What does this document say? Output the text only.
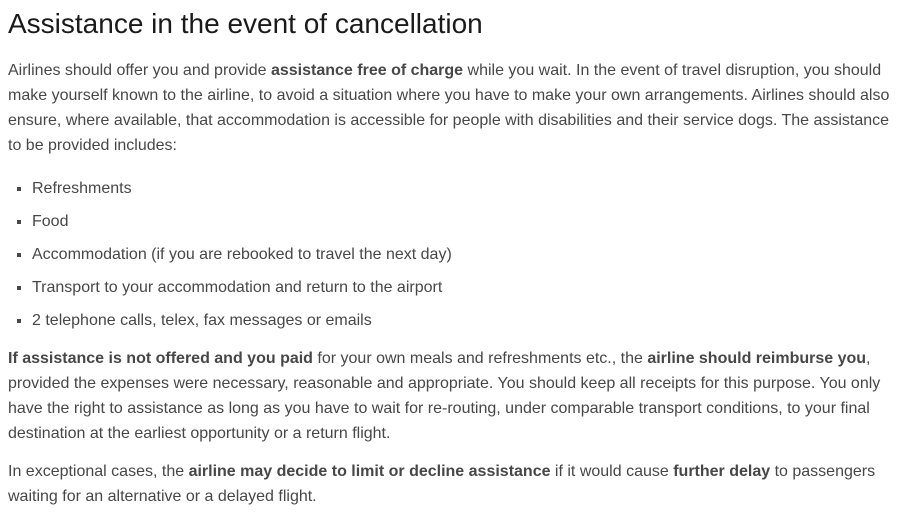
Assistance in the event of cancellation

Airlines should offer you and provide assistance free of charge while you wait. In the event of travel disruption, you should make yourself known to the airline, to avoid a situation where you have to make your own arrangements. Airlines should also ensure, where available, that accommodation is accessible for people with disabilities and their service dogs. The assistance to be provided includes:

▪ Refreshments
▪ Food
▪ Accommodation (if you are rebooked to travel the next day)
▪ Transport to your accommodation and return to the airport
▪ 2 telephone calls, telex, fax messages or emails

If assistance is not offered and you paid for your own meals and refreshments etc., the airline should reimburse you, provided the expenses were necessary, reasonable and appropriate. You should keep all receipts for this purpose. You only have the right to assistance as long as you have to wait for re-routing, under comparable transport conditions, to your final destination at the earliest opportunity or a return flight.

In exceptional cases, the airline may decide to limit or decline assistance if it would cause further delay to passengers waiting for an alternative or a delayed flight.
